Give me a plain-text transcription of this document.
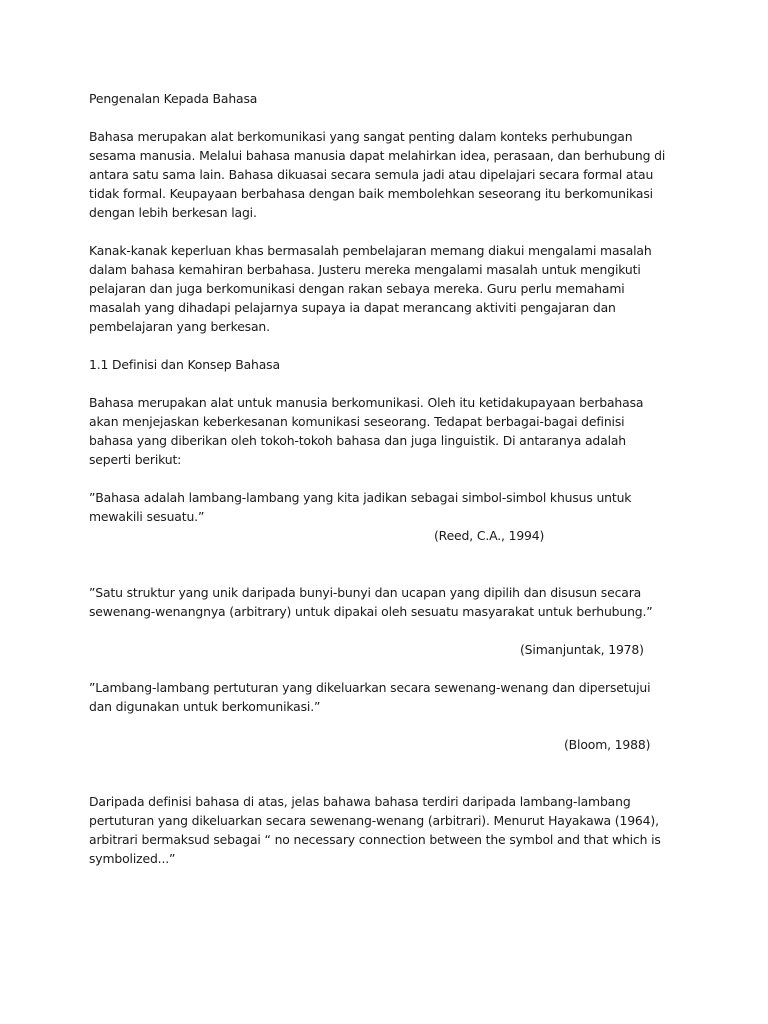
Pengenalan Kepada Bahasa
Bahasa merupakan alat berkomunikasi yang sangat penting dalam konteks perhubungan
sesama manusia. Melalui bahasa manusia dapat melahirkan idea, perasaan, dan berhubung di
antara satu sama lain. Bahasa dikuasai secara semula jadi atau dipelajari secara formal atau
tidak formal. Keupayaan berbahasa dengan baik membolehkan seseorang itu berkomunikasi
dengan lebih berkesan lagi.
Kanak-kanak keperluan khas bermasalah pembelajaran memang diakui mengalami masalah
dalam bahasa kemahiran berbahasa. Justeru mereka mengalami masalah untuk mengikuti
pelajaran dan juga berkomunikasi dengan rakan sebaya mereka. Guru perlu memahami
masalah yang dihadapi pelajarnya supaya ia dapat merancang aktiviti pengajaran dan
pembelajaran yang berkesan.
1.1 Definisi dan Konsep Bahasa
Bahasa merupakan alat untuk manusia berkomunikasi. Oleh itu ketidakupayaan berbahasa
akan menjejaskan keberkesanan komunikasi seseorang. Tedapat berbagai-bagai definisi
bahasa yang diberikan oleh tokoh-tokoh bahasa dan juga linguistik. Di antaranya adalah
seperti berikut:
”Bahasa adalah lambang-lambang yang kita jadikan sebagai simbol-simbol khusus untuk
mewakili sesuatu.”
(Reed, C.A., 1994)
”Satu struktur yang unik daripada bunyi-bunyi dan ucapan yang dipilih dan disusun secara
sewenang-wenangnya (arbitrary) untuk dipakai oleh sesuatu masyarakat untuk berhubung.”
(Simanjuntak, 1978)
”Lambang-lambang pertuturan yang dikeluarkan secara sewenang-wenang dan dipersetujui
dan digunakan untuk berkomunikasi.”
(Bloom, 1988)
Daripada definisi bahasa di atas, jelas bahawa bahasa terdiri daripada lambang-lambang
pertuturan yang dikeluarkan secara sewenang-wenang (arbitrari). Menurut Hayakawa (1964),
arbitrari bermaksud sebagai “ no necessary connection between the symbol and that which is
symbolized...”
